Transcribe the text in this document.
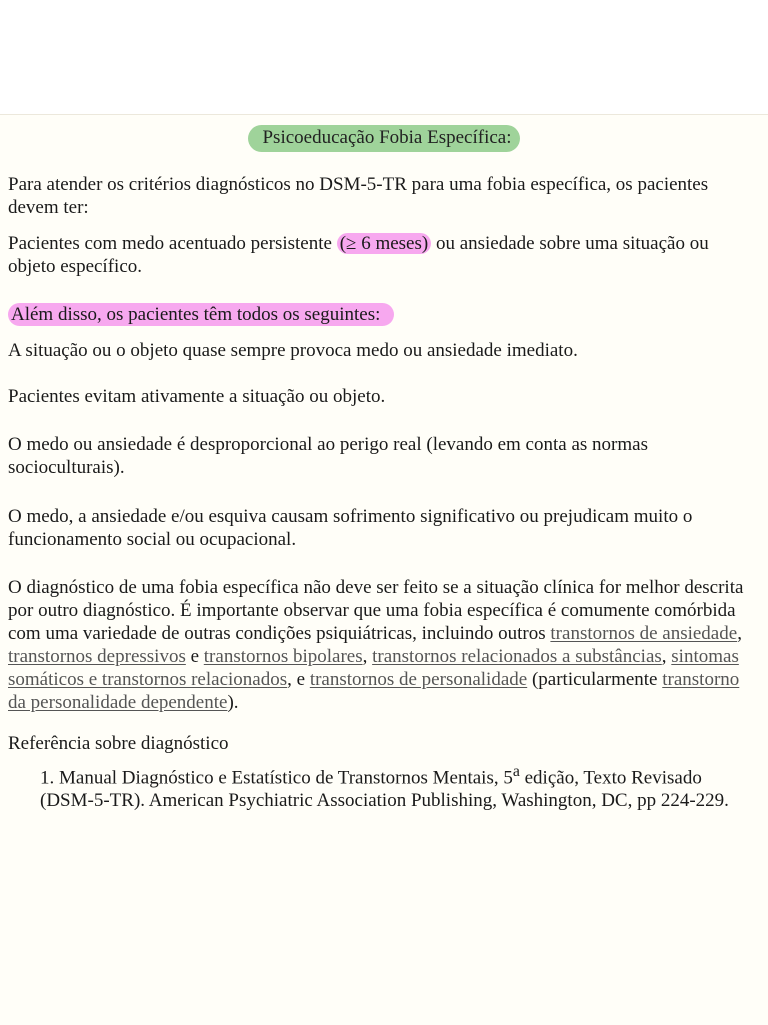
Psicoeducação Fobia Específica:

Para atender os critérios diagnósticos no DSM-5-TR para uma fobia específica, os pacientes devem ter:

Pacientes com medo acentuado persistente (≥ 6 meses) ou ansiedade sobre uma situação ou objeto específico.

Além disso, os pacientes têm todos os seguintes:

A situação ou o objeto quase sempre provoca medo ou ansiedade imediato.

Pacientes evitam ativamente a situação ou objeto.

O medo ou ansiedade é desproporcional ao perigo real (levando em conta as normas socioculturais).

O medo, a ansiedade e/ou esquiva causam sofrimento significativo ou prejudicam muito o funcionamento social ou ocupacional.

O diagnóstico de uma fobia específica não deve ser feito se a situação clínica for melhor descrita por outro diagnóstico. É importante observar que uma fobia específica é comumente comórbida com uma variedade de outras condições psiquiátricas, incluindo outros transtornos de ansiedade, transtornos depressivos e transtornos bipolares, transtornos relacionados a substâncias, sintomas somáticos e transtornos relacionados, e transtornos de personalidade (particularmente transtorno da personalidade dependente).

Referência sobre diagnóstico

1. Manual Diagnóstico e Estatístico de Transtornos Mentais, 5$^a$ edição, Texto Revisado (DSM-5-TR). American Psychiatric Association Publishing, Washington, DC, pp 224-229.
